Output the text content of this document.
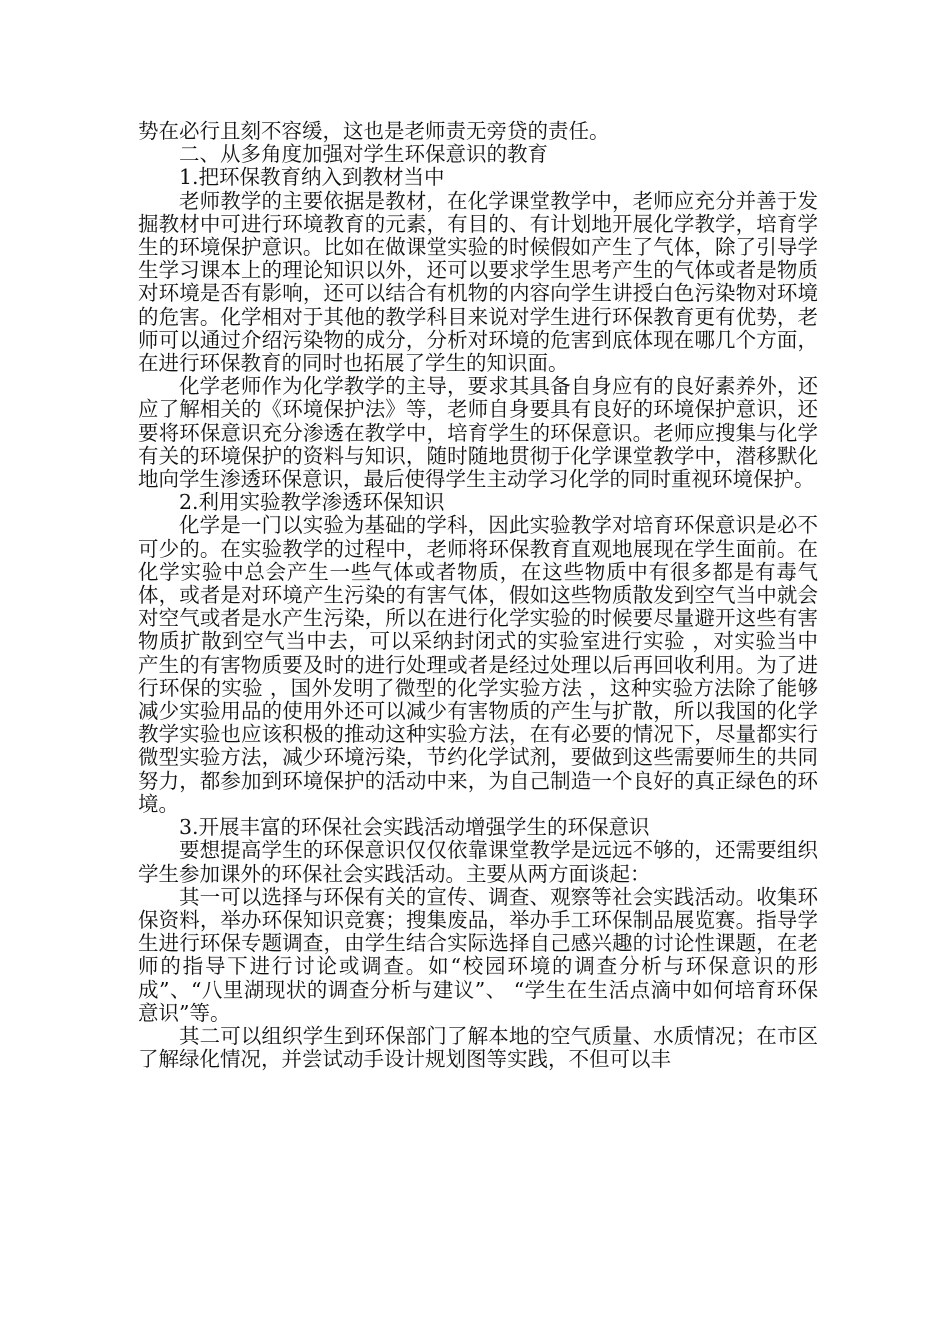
势在必行且刻不容缓，这也是老师责无旁贷的责任。

二、从多角度加强对学生环保意识的教育

1.把环保教育纳入到教材当中

老师教学的主要依据是教材，在化学课堂教学中，老师应充分并善于发掘教材中可进行环境教育的元素，有目的、有计划地开展化学教学，培育学生的环境保护意识。比如在做课堂实验的时候假如产生了气体，除了引导学生学习课本上的理论知识以外，还可以要求学生思考产生的气体或者是物质对环境是否有影响，还可以结合有机物的内容向学生讲授白色污染物对环境的危害。化学相对于其他的教学科目来说对学生进行环保教育更有优势，老师可以通过介绍污染物的成分，分析对环境的危害到底体现在哪几个方面，在进行环保教育的同时也拓展了学生的知识面。

化学老师作为化学教学的主导，要求其具备自身应有的良好素养外，还应了解相关的《环境保护法》等，老师自身要具有良好的环境保护意识，还要将环保意识充分渗透在教学中，培育学生的环保意识。老师应搜集与化学有关的环境保护的资料与知识，随时随地贯彻于化学课堂教学中，潜移默化地向学生渗透环保意识，最后使得学生主动学习化学的同时重视环境保护。

2.利用实验教学渗透环保知识

化学是一门以实验为基础的学科，因此实验教学对培育环保意识是必不可少的。在实验教学的过程中，老师将环保教育直观地展现在学生面前。在化学实验中总会产生一些气体或者物质，在这些物质中有很多都是有毒气体，或者是对环境产生污染的有害气体，假如这些物质散发到空气当中就会对空气或者是水产生污染，所以在进行化学实验的时候要尽量避开这些有害物质扩散到空气当中去，可以采纳封闭式的实验室进行实验 ，对实验当中产生的有害物质要及时的进行处理或者是经过处理以后再回收利用。为了进行环保的实验 ，国外发明了微型的化学实验方法 ，这种实验方法除了能够减少实验用品的使用外还可以减少有害物质的产生与扩散，所以我国的化学教学实验也应该积极的推动这种实验方法，在有必要的情况下，尽量都实行微型实验方法，减少环境污染，节约化学试剂，要做到这些需要师生的共同努力，都参加到环境保护的活动中来，为自己制造一个良好的真正绿色的环境。

3.开展丰富的环保社会实践活动增强学生的环保意识

要想提高学生的环保意识仅仅依靠课堂教学是远远不够的，还需要组织学生参加课外的环保社会实践活动。主要从两方面谈起：

其一可以选择与环保有关的宣传、调查、观察等社会实践活动。收集环保资料，举办环保知识竞赛；搜集废品，举办手工环保制品展览赛。指导学生进行环保专题调查，由学生结合实际选择自己感兴趣的讨论性课题，在老师的指导下进行讨论或调查。如“校园环境的调查分析与环保意识的形成”、“八里湖现状的调查分析与建议”、 “学生在生活点滴中如何培育环保意识”等。

其二可以组织学生到环保部门了解本地的空气质量、水质情况；在市区了解绿化情况，并尝试动手设计规划图等实践，不但可以丰
